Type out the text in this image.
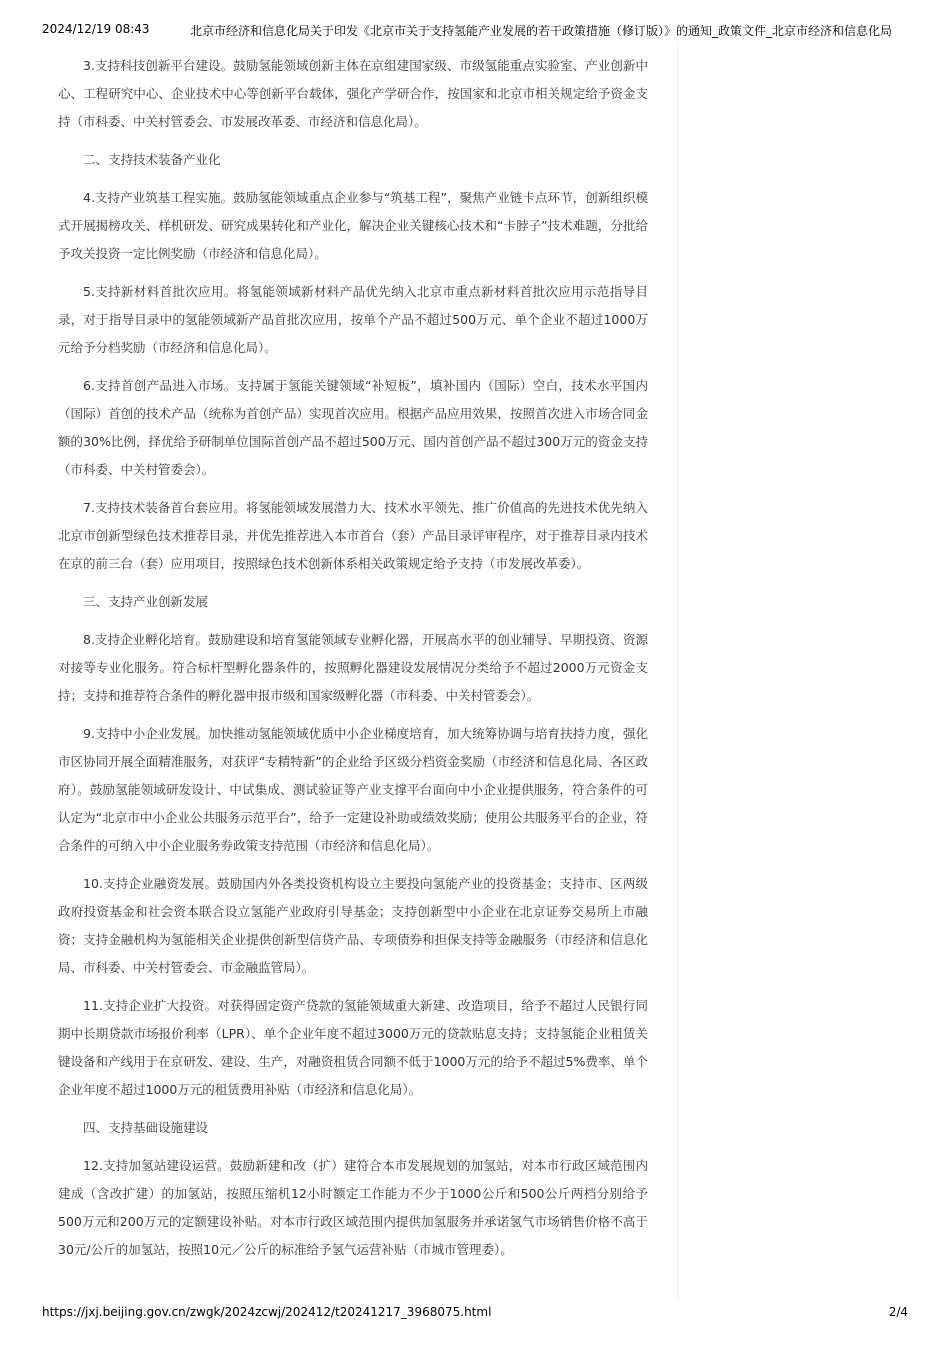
2024/12/19 08:43	北京市经济和信息化局关于印发《北京市关于支持氢能产业发展的若干政策措施（修订版）》的通知_政策文件_北京市经济和信息化局

3.支持科技创新平台建设。鼓励氢能领域创新主体在京组建国家级、市级氢能重点实验室、产业创新中心、工程研究中心、企业技术中心等创新平台载体，强化产学研合作，按国家和北京市相关规定给予资金支持（市科委、中关村管委会、市发展改革委、市经济和信息化局）。

二、支持技术装备产业化

4.支持产业筑基工程实施。鼓励氢能领域重点企业参与“筑基工程”，聚焦产业链卡点环节，创新组织模式开展揭榜攻关、样机研发、研究成果转化和产业化，解决企业关键核心技术和“卡脖子”技术难题，分批给予攻关投资一定比例奖励（市经济和信息化局）。

5.支持新材料首批次应用。将氢能领域新材料产品优先纳入北京市重点新材料首批次应用示范指导目录，对于指导目录中的氢能领域新产品首批次应用，按单个产品不超过500万元、单个企业不超过1000万元给予分档奖励（市经济和信息化局）。

6.支持首创产品进入市场。支持属于氢能关键领域“补短板”，填补国内（国际）空白，技术水平国内（国际）首创的技术产品（统称为首创产品）实现首次应用。根据产品应用效果，按照首次进入市场合同金额的30%比例，择优给予研制单位国际首创产品不超过500万元、国内首创产品不超过300万元的资金支持（市科委、中关村管委会）。

7.支持技术装备首台套应用。将氢能领域发展潜力大、技术水平领先、推广价值高的先进技术优先纳入北京市创新型绿色技术推荐目录，并优先推荐进入本市首台（套）产品目录评审程序，对于推荐目录内技术在京的前三台（套）应用项目，按照绿色技术创新体系相关政策规定给予支持（市发展改革委）。

三、支持产业创新发展

8.支持企业孵化培育。鼓励建设和培育氢能领域专业孵化器，开展高水平的创业辅导、早期投资、资源对接等专业化服务。符合标杆型孵化器条件的，按照孵化器建设发展情况分类给予不超过2000万元资金支持；支持和推荐符合条件的孵化器申报市级和国家级孵化器（市科委、中关村管委会）。

9.支持中小企业发展。加快推动氢能领域优质中小企业梯度培育，加大统筹协调与培育扶持力度，强化市区协同开展全面精准服务，对获评“专精特新”的企业给予区级分档资金奖励（市经济和信息化局、各区政府）。鼓励氢能领域研发设计、中试集成、测试验证等产业支撑平台面向中小企业提供服务，符合条件的可认定为“北京市中小企业公共服务示范平台”，给予一定建设补助或绩效奖励；使用公共服务平台的企业，符合条件的可纳入中小企业服务券政策支持范围（市经济和信息化局）。

10.支持企业融资发展。鼓励国内外各类投资机构设立主要投向氢能产业的投资基金；支持市、区两级政府投资基金和社会资本联合设立氢能产业政府引导基金；支持创新型中小企业在北京证券交易所上市融资；支持金融机构为氢能相关企业提供创新型信贷产品、专项债券和担保支持等金融服务（市经济和信息化局、市科委、中关村管委会、市金融监管局）。

11.支持企业扩大投资。对获得固定资产贷款的氢能领域重大新建、改造项目，给予不超过人民银行同期中长期贷款市场报价利率（LPR）、单个企业年度不超过3000万元的贷款贴息支持；支持氢能企业租赁关键设备和产线用于在京研发、建设、生产，对融资租赁合同额不低于1000万元的给予不超过5%费率、单个企业年度不超过1000万元的租赁费用补贴（市经济和信息化局）。

四、支持基础设施建设

12.支持加氢站建设运营。鼓励新建和改（扩）建符合本市发展规划的加氢站，对本市行政区域范围内建成（含改扩建）的加氢站，按照压缩机12小时额定工作能力不少于1000公斤和500公斤两档分别给予500万元和200万元的定额建设补贴。对本市行政区域范围内提供加氢服务并承诺氢气市场销售价格不高于30元/公斤的加氢站，按照10元／公斤的标准给予氢气运营补贴（市城市管理委）。

https://jxj.beijing.gov.cn/zwgk/2024zcwj/202412/t20241217_3968075.html	2/4
